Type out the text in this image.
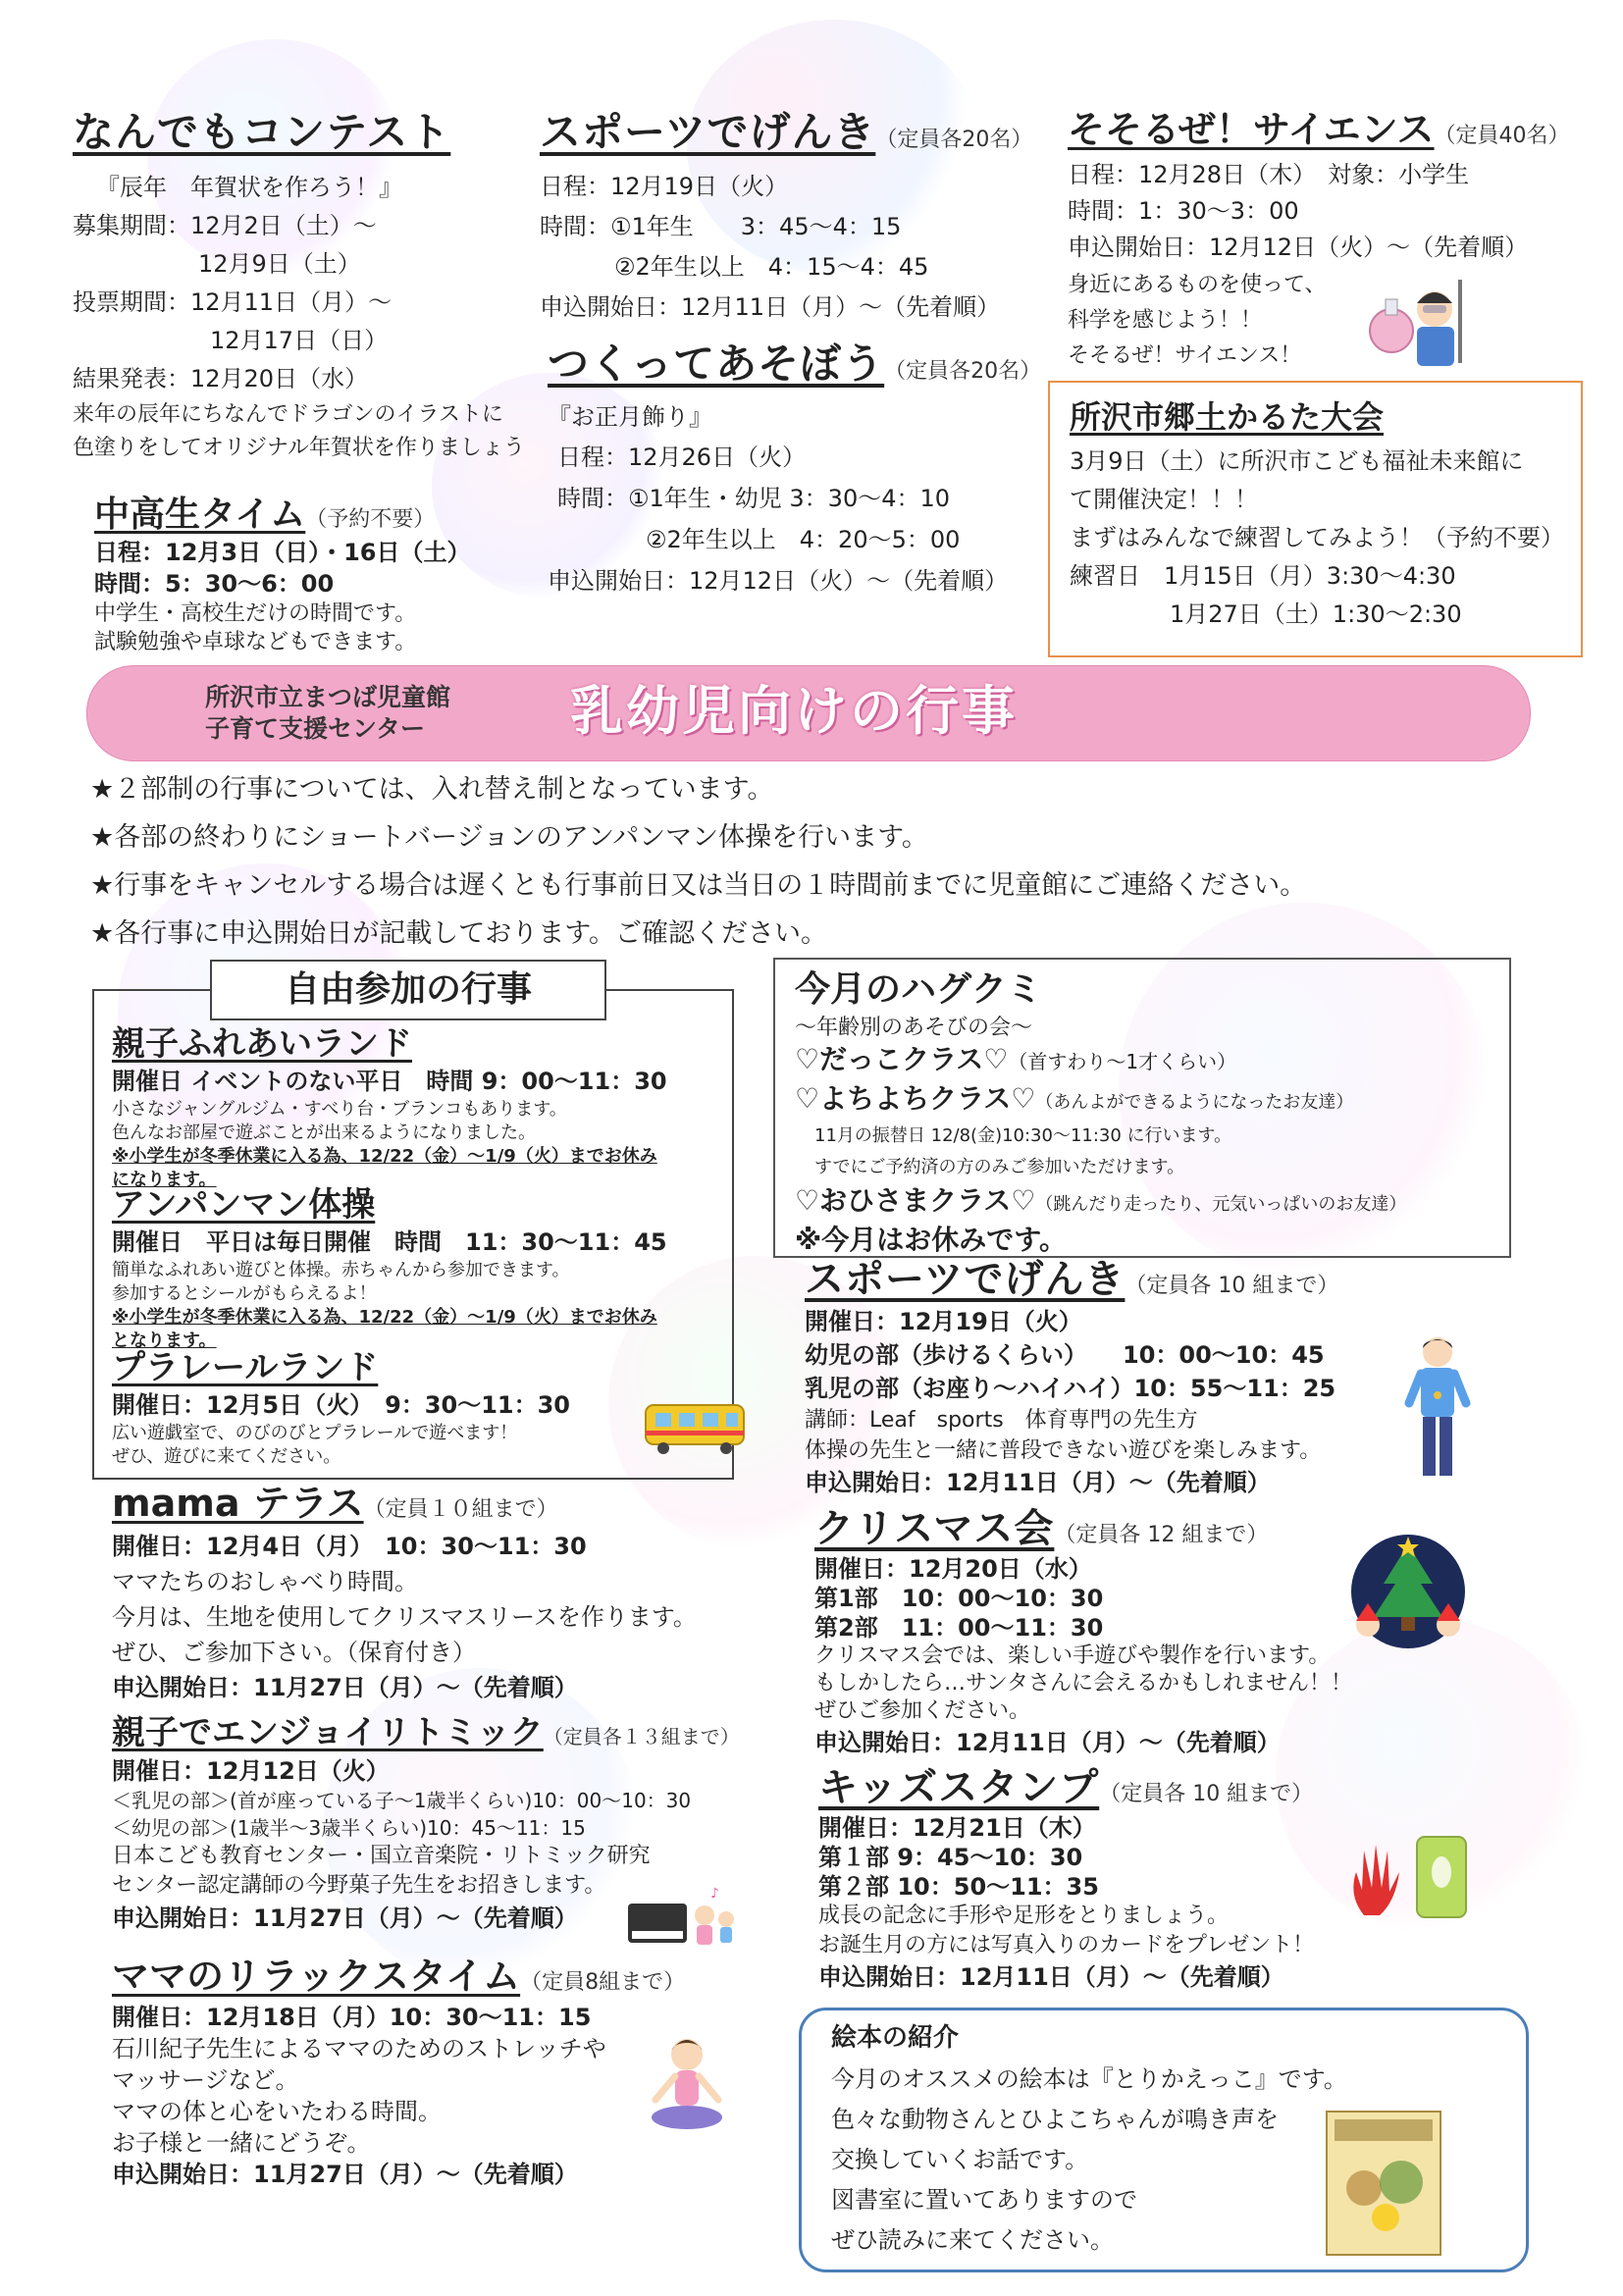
なんでもコンテスト
『辰年　年賀状を作ろう！』
募集期間：12月2日（土）～
12月9日（土）
投票期間：12月11日（月）～
12月17日（日）
結果発表：12月20日（水）
来年の辰年にちなんでドラゴンのイラストに
色塗りをしてオリジナル年賀状を作りましょう
中高生タイム（予約不要）
日程：12月3日（日）・16日（土）
時間：5：30～6：00
中学生・高校生だけの時間です。
試験勉強や卓球などもできます。
スポーツでげんき（定員各20名）
日程：12月19日（火）
時間：①1年生　　3：45～4：15
②2年生以上　4：15～4：45
申込開始日：12月11日（月）～（先着順）
つくってあそぼう（定員各20名）
『お正月飾り』
日程：12月26日（火）
時間：①1年生・幼児 3：30～4：10
②2年生以上　4：20～5：00
申込開始日：12月12日（火）～（先着順）
そそるぜ！サイエンス（定員40名）
日程：12月28日（木）　対象：小学生
時間：1：30～3：00
申込開始日：12月12日（火）～（先着順）
身近にあるものを使って、
科学を感じよう！！
そそるぜ！サイエンス！
所沢市郷土かるた大会
3月9日（土）に所沢市こども福祉未来館に
て開催決定！！！
まずはみんなで練習してみよう！（予約不要）
練習日　1月15日（月）3:30～4:30
1月27日（土）1:30～2:30
所沢市立まつば児童館
子育て支援センター	乳幼児向けの行事
★２部制の行事については、入れ替え制となっています。
★各部の終わりにショートバージョンのアンパンマン体操を行います。
★行事をキャンセルする場合は遅くとも行事前日又は当日の１時間前までに児童館にご連絡ください。
★各行事に申込開始日が記載しております。ご確認ください。
自由参加の行事
親子ふれあいランド
開催日 イベントのない平日　時間 9：00～11：30
小さなジャングルジム・すべり台・ブランコもあります。
色んなお部屋で遊ぶことが出来るようになりました。
※小学生が冬季休業に入る為、12/22（金）～1/9（火）までお休み
になります。
アンパンマン体操
開催日　平日は毎日開催　時間　11：30～11：45
簡単なふれあい遊びと体操。赤ちゃんから参加できます。
参加するとシールがもらえるよ！
※小学生が冬季休業に入る為、12/22（金）～1/9（火）までお休み
となります。
プラレールランド
開催日：12月5日（火）　9：30～11：30
広い遊戯室で、のびのびとプラレールで遊べます！
ぜひ、遊びに来てください。
今月のハグクミ
～年齢別のあそびの会～
♡だっこクラス♡（首すわり～1才くらい）
♡よちよちクラス♡（あんよができるようになったお友達）
11月の振替日 12/8(金)10:30～11:30 に行います。
すでにご予約済の方のみご参加いただけます。
♡おひさまクラス♡（跳んだり走ったり、元気いっぱいのお友達）
※今月はお休みです。
mama テラス（定員１０組まで）
開催日：12月4日（月）　10：30～11：30
ママたちのおしゃべり時間。
今月は、生地を使用してクリスマスリースを作ります。
ぜひ、ご参加下さい。（保育付き）
申込開始日：11月27日（月）～（先着順）
親子でエンジョイリトミック（定員各１３組まで）
開催日：12月12日（火）
＜乳児の部＞(首が座っている子～1歳半くらい)10：00～10：30
＜幼児の部＞(1歳半～3歳半くらい)10：45～11：15
日本こども教育センター・国立音楽院・リトミック研究
センター認定講師の今野菓子先生をお招きします。
申込開始日：11月27日（月）～（先着順）
♪
ママのリラックスタイム（定員8組まで）
開催日：12月18日（月）10：30～11：15
石川紀子先生によるママのためのストレッチや
マッサージなど。
ママの体と心をいたわる時間。
お子様と一緒にどうぞ。
申込開始日：11月27日（月）～（先着順）
スポーツでげんき（定員各 10 組まで）
開催日：12月19日（火）
幼児の部（歩けるくらい）　　10：00～10：45
乳児の部（お座り～ハイハイ）10：55～11：25
講師：Leaf　sports　体育専門の先生方
体操の先生と一緒に普段できない遊びを楽しみます。
申込開始日：12月11日（月）～（先着順）
クリスマス会（定員各 12 組まで）
開催日：12月20日（水）
第1部　10：00～10：30
第2部　11：00～11：30
クリスマス会では、楽しい手遊びや製作を行います。
もしかしたら…サンタさんに会えるかもしれません！！
ぜひご参加ください。
申込開始日：12月11日（月）～（先着順）
キッズスタンプ（定員各 10 組まで）
開催日：12月21日（木）
第１部 9：45～10：30
第２部 10：50～11：35
成長の記念に手形や足形をとりましょう。
お誕生月の方には写真入りのカードをプレゼント！
申込開始日：12月11日（月）～（先着順）
絵本の紹介
今月のオススメの絵本は『とりかえっこ』です。
色々な動物さんとひよこちゃんが鳴き声を
交換していくお話です。
図書室に置いてありますので
ぜひ読みに来てください。
